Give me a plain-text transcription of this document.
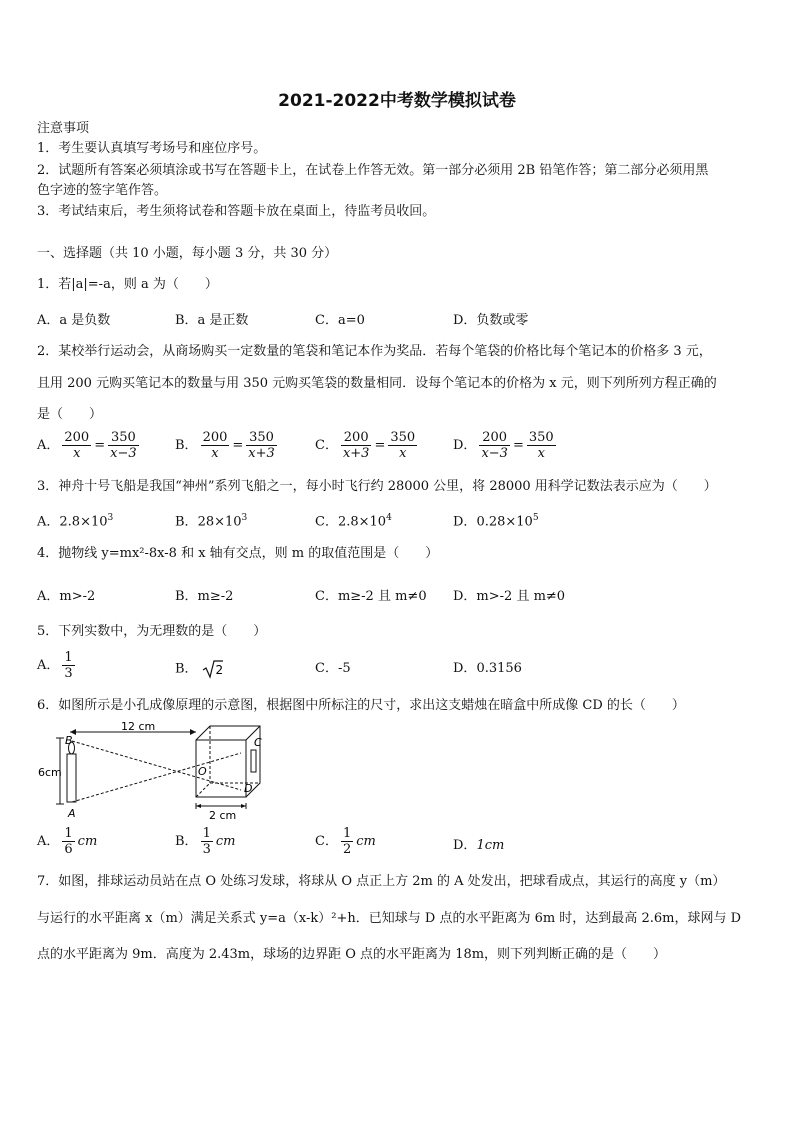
2021-2022中考数学模拟试卷
注意事项
1．考生要认真填写考场号和座位序号。
2．试题所有答案必须填涂或书写在答题卡上，在试卷上作答无效。第一部分必须用 2B 铅笔作答；第二部分必须用黑
色字迹的签字笔作答。
3．考试结束后，考生须将试卷和答题卡放在桌面上，待监考员收回。
一、选择题（共 10 小题，每小题 3 分，共 30 分）
1．若|a|=-a，则 a 为（　　）
A．a 是负数	B．a 是正数	C．a=0	D．负数或零
2．某校举行运动会，从商场购买一定数量的笔袋和笔记本作为奖品．若每个笔袋的价格比每个笔记本的价格多 3 元，
且用 200 元购买笔记本的数量与用 350 元购买笔袋的数量相同．设每个笔记本的价格为 x 元，则下列所列方程正确的
是（　　）
A． $\frac{200}{x} = \frac{350}{x-3}$	B． $\frac{200}{x} = \frac{350}{x+3}$	C． $\frac{200}{x+3} = \frac{350}{x}$	D． $\frac{200}{x-3} = \frac{350}{x}$
3．神舟十号飞船是我国“神州”系列飞船之一，每小时飞行约 28000 公里，将 28000 用科学记数法表示应为（　　）
A．$2.8\times 10^3$	B．$28\times 10^3$	C．$2.8\times 10^4$	D．$0.28\times 10^5$
4．抛物线 y=mx²-8x-8 和 x 轴有交点，则 m 的取值范围是（　　）
A．m>-2	B．m≥-2	C．m≥-2 且 m≠0 D．m>-2 且 m≠0
5．下列实数中，为无理数的是（　　）
A． $\frac{1}{3}$	B． 2	C．-5	D．0.3156
6．如图所示是小孔成像原理的示意图，根据图中所标注的尺寸，求出这支蜡烛在暗盒中所成像 CD 的长（　　）
12 cm
6cm
B
A
O
C
D
2 cm
A． $\frac{1}{6}$ cm	B． $\frac{1}{3}$ cm	C． $\frac{1}{2}$ cm	D．1cm
7．如图，排球运动员站在点 O 处练习发球，将球从 O 点正上方 2m 的 A 处发出，把球看成点，其运行的高度 y（m）
与运行的水平距离 x（m）满足关系式 y=a（x-k）²+h．已知球与 D 点的水平距离为 6m 时，达到最高 2.6m，球网与 D
点的水平距离为 9m．高度为 2.43m，球场的边界距 O 点的水平距离为 18m，则下列判断正确的是（　　）
